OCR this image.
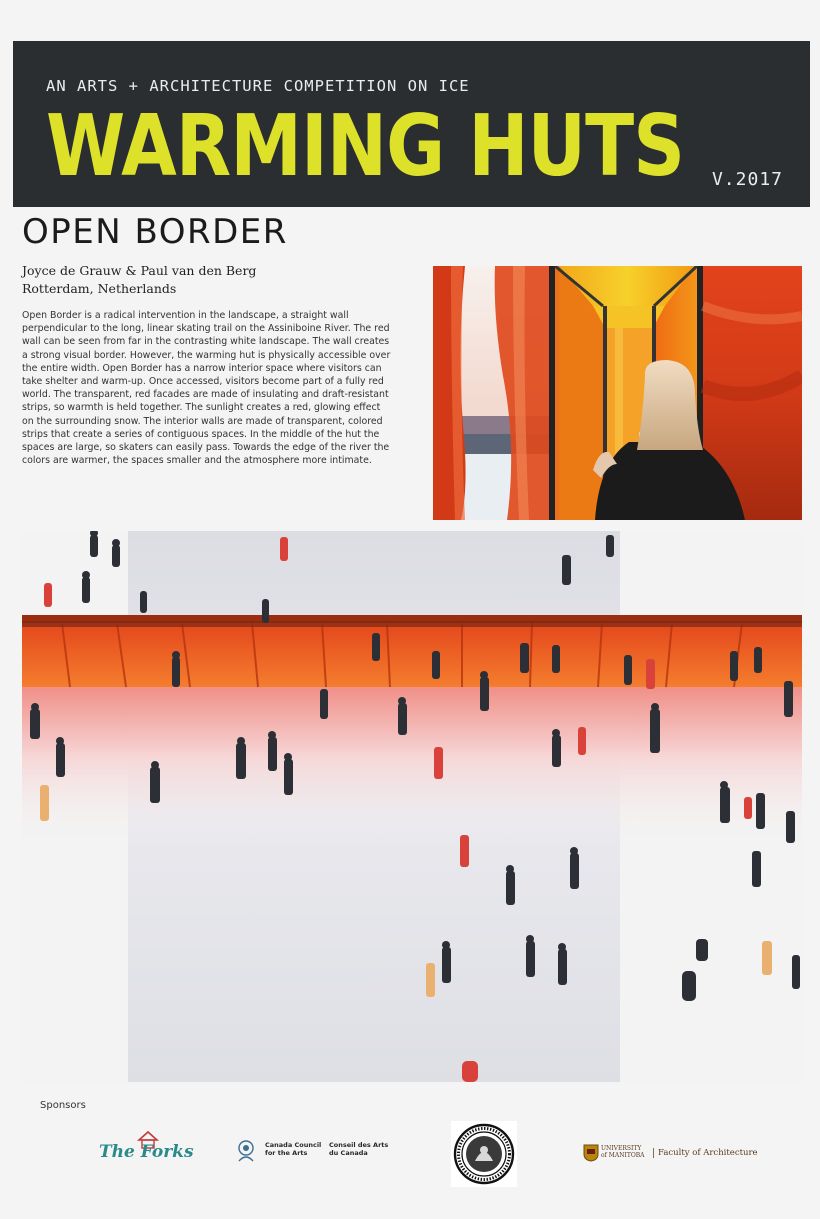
AN ARTS + ARCHITECTURE COMPETITION ON ICE
WARMING HUTS V.2017
OPEN BORDER
Joyce de Grauw & Paul van den Berg
Rotterdam, Netherlands
Open Border is a radical intervention in the landscape, a straight wall
perpendicular to the long, linear skating trail on the Assiniboine River. The red
wall can be seen from far in the contrasting white landscape. The wall creates
a strong visual border. However, the warming hut is physically accessible over
the entire width. Open Border has a narrow interior space where visitors can
take shelter and warm-up. Once accessed, visitors become part of a fully red
world. The transparent, red facades are made of insulating and draft-resistant
strips, so warmth is held together. The sunlight creates a red, glowing effect
on the surrounding snow. The interior walls are made of transparent, colored
strips that create a series of contiguous spaces. In the middle of the hut the
spaces are large, so skaters can easily pass. Towards the edge of the river the
colors are warmer, the spaces smaller and the atmosphere more intimate.
Sponsors
The Forks	Canada Council
for the Arts
Conseil des Arts
du Canada
UNIVERSITY
of MANITOBA	Faculty of Architecture
